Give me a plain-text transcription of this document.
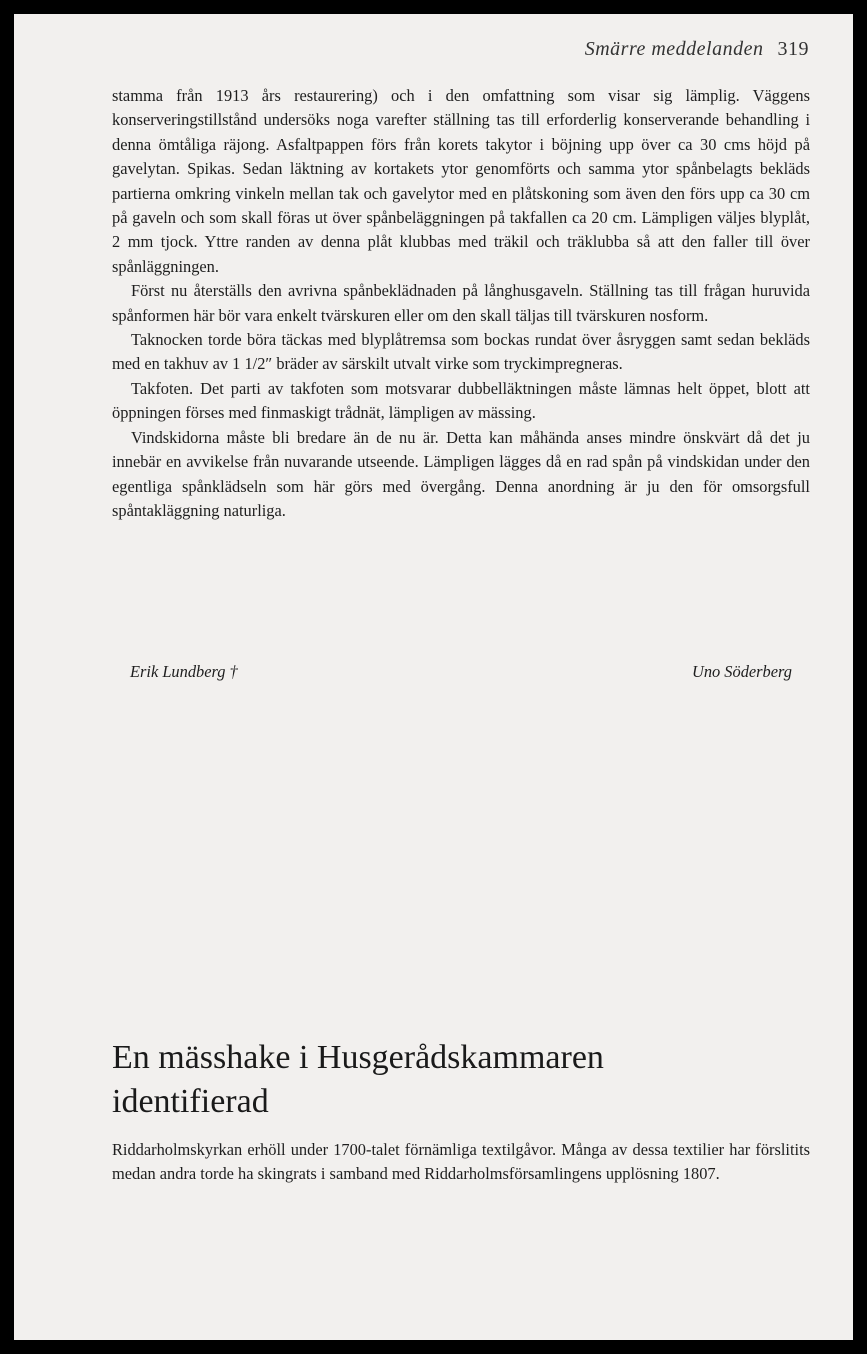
Smärre meddelanden 319

stamma från 1913 års restaurering) och i den omfattning som visar sig lämplig. Väggens konserveringstillstånd undersöks noga varefter ställning tas till erforderlig konserverande behandling i denna ömtåliga räjong. Asfaltpappen förs från korets takytor i böjning upp över ca 30 cms höjd på gavelytan. Spikas. Sedan läktning av kortakets ytor genomförts och samma ytor spånbelagts bekläds partierna omkring vinkeln mellan tak och gavelytor med en plåtskoning som även den förs upp ca 30 cm på gaveln och som skall föras ut över spånbeläggningen på takfallen ca 20 cm. Lämpligen väljes blyplåt, 2 mm tjock. Yttre randen av denna plåt klubbas med träkil och träklubba så att den faller till över spånläggningen.

Först nu återställs den avrivna spånbeklädnaden på långhusgaveln. Ställning tas till frågan huruvida spånformen här bör vara enkelt tvärskuren eller om den skall täljas till tvärskuren nosform.

Taknocken torde böra täckas med blyplåtremsa som bockas rundat över åsryggen samt sedan bekläds med en takhuv av 1 1/2″ bräder av särskilt utvalt virke som tryckimpregneras.

Takfoten. Det parti av takfoten som motsvarar dubbelläktningen måste lämnas helt öppet, blott att öppningen förses med finmaskigt trådnät, lämpligen av mässing.

Vindskidorna måste bli bredare än de nu är. Detta kan måhända anses mindre önskvärt då det ju innebär en avvikelse från nuvarande utseende. Lämpligen lägges då en rad spån på vindskidan under den egentliga spånklädseln som här görs med övergång. Denna anordning är ju den för omsorgsfull spåntakläggning naturliga.

Erik Lundberg †	Uno Söderberg
En mässhake i Husgerådskammaren
identifierad

Riddarholmskyrkan erhöll under 1700-talet förnämliga textilgåvor. Många av dessa textilier har förslitits medan andra torde ha skingrats i samband med Riddarholmsförsamlingens upplösning 1807.
